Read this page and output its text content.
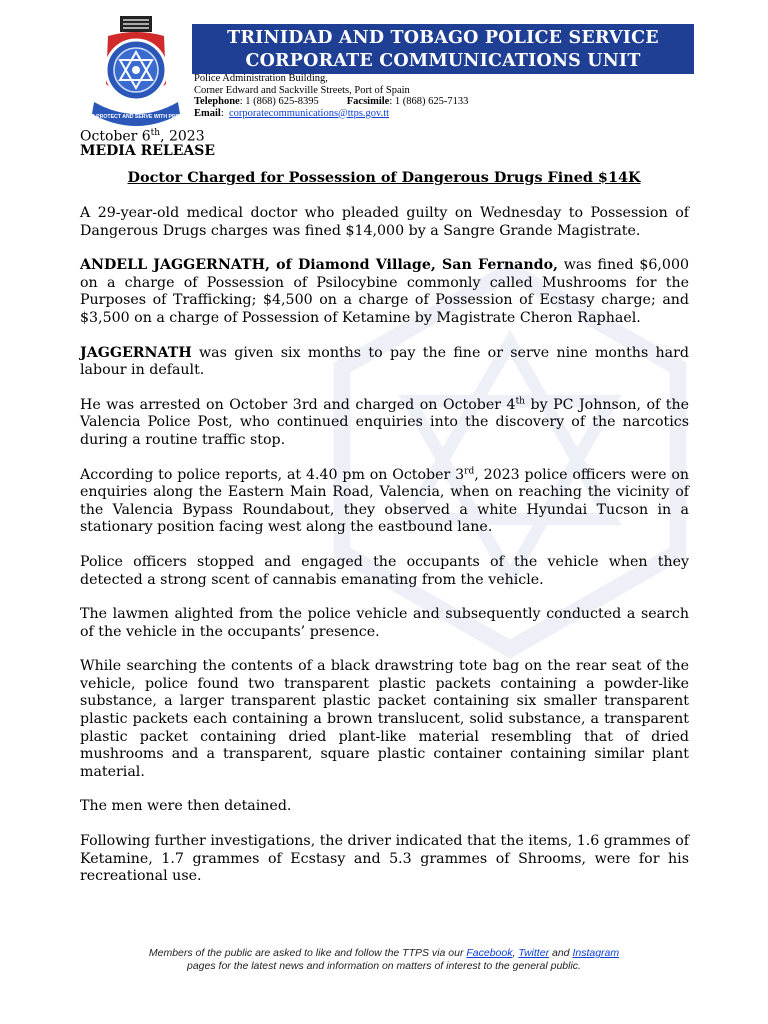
TO PROTECT AND SERVE WITH PRIDE
TRINIDAD AND TOBAGO POLICE SERVICE
CORPORATE COMMUNICATIONS UNIT
Police Administration Building,
Corner Edward and Sackville Streets, Port of Spain
Telephone: 1 (868) 625-8395	Facsimile: 1 (868) 625-7133
Email: corporatecommunications@ttps.gov.tt
October 6th, 2023
MEDIA RELEASE
Doctor Charged for Possession of Dangerous Drugs Fined $14K

A 29-year-old medical doctor who pleaded guilty on Wednesday to Possession of Dangerous Drugs charges was fined $14,000 by a Sangre Grande Magistrate.

ANDELL JAGGERNATH, of Diamond Village, San Fernando, was fined $6,000 on a charge of Possession of Psilocybine commonly called Mushrooms for the Purposes of Trafficking; $4,500 on a charge of Possession of Ecstasy charge; and $3,500 on a charge of Possession of Ketamine by Magistrate Cheron Raphael.

JAGGERNATH was given six months to pay the fine or serve nine months hard labour in default.

He was arrested on October 3rd and charged on October 4th by PC Johnson, of the Valencia Police Post, who continued enquiries into the discovery of the narcotics during a routine traffic stop.

According to police reports, at 4.40 pm on October 3rd, 2023 police officers were on enquiries along the Eastern Main Road, Valencia, when on reaching the vicinity of the Valencia Bypass Roundabout, they observed a white Hyundai Tucson in a stationary position facing west along the eastbound lane.

Police officers stopped and engaged the occupants of the vehicle when they detected a strong scent of cannabis emanating from the vehicle.

The lawmen alighted from the police vehicle and subsequently conducted a search of the vehicle in the occupants’ presence.

While searching the contents of a black drawstring tote bag on the rear seat of the vehicle, police found two transparent plastic packets containing a powder-like substance, a larger transparent plastic packet containing six smaller transparent plastic packets each containing a brown translucent, solid substance, a transparent plastic packet containing dried plant-like material resembling that of dried mushrooms and a transparent, square plastic container containing similar plant material.

The men were then detained.

Following further investigations, the driver indicated that the items, 1.6 grammes of Ketamine, 1.7 grammes of Ecstasy and 5.3 grammes of Shrooms, were for his recreational use.

Members of the public are asked to like and follow the TTPS via our Facebook, Twitter and Instagram
pages for the latest news and information on matters of interest to the general public.
